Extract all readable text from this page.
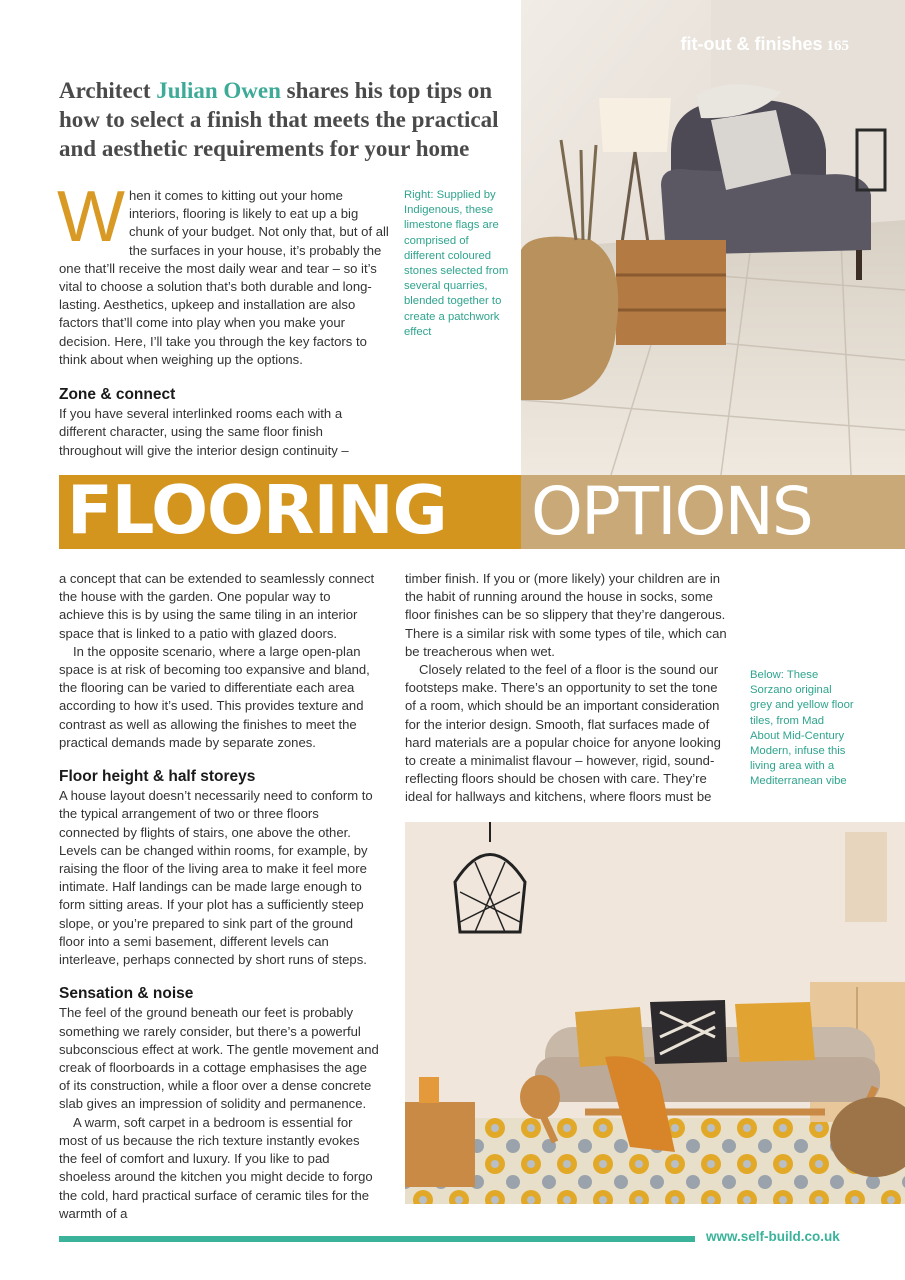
fit-out & finishes 165
Architect Julian Owen shares his top tips on how to select a finish that meets the practical and aesthetic requirements for your home
When it comes to kitting out your home interiors, flooring is likely to eat up a big chunk of your budget. Not only that, but of all the surfaces in your house, it’s probably the one that’ll receive the most daily wear and tear – so it’s vital to choose a solution that’s both durable and long-lasting. Aesthetics, upkeep and installation are also factors that’ll come into play when you make your decision. Here, I’ll take you through the key factors to think about when weighing up the options.
Zone & connect

If you have several interlinked rooms each with a different character, using the same floor finish throughout will give the interior design continuity –

Right: Supplied by Indigenous, these limestone flags are comprised of different coloured stones selected from several quarries, blended together to create a patchwork effect
FLOORING OPTIONS

a concept that can be extended to seamlessly connect the house with the garden. One popular way to achieve this is by using the same tiling in an interior space that is linked to a patio with glazed doors.

In the opposite scenario, where a large open-plan space is at risk of becoming too expansive and bland, the flooring can be varied to differentiate each area according to how it’s used. This provides texture and contrast as well as allowing the finishes to meet the practical demands made by separate zones.

Floor height & half storeys

A house layout doesn’t necessarily need to conform to the typical arrangement of two or three floors connected by flights of stairs, one above the other. Levels can be changed within rooms, for example, by raising the floor of the living area to make it feel more intimate. Half landings can be made large enough to form sitting areas. If your plot has a sufficiently steep slope, or you’re prepared to sink part of the ground floor into a semi basement, different levels can interleave, perhaps connected by short runs of steps.

Sensation & noise

The feel of the ground beneath our feet is probably something we rarely consider, but there’s a powerful subconscious effect at work. The gentle movement and creak of floorboards in a cottage emphasises the age of its construction, while a floor over a dense concrete slab gives an impression of solidity and permanence.

A warm, soft carpet in a bedroom is essential for most of us because the rich texture instantly evokes the feel of comfort and luxury. If you like to pad shoeless around the kitchen you might decide to forgo the cold, hard practical surface of ceramic tiles for the warmth of a

timber finish. If you or (more likely) your children are in the habit of running around the house in socks, some floor finishes can be so slippery that they’re dangerous. There is a similar risk with some types of tile, which can be treacherous when wet.

Closely related to the feel of a floor is the sound our footsteps make. There’s an opportunity to set the tone of a room, which should be an important consideration for the interior design. Smooth, flat surfaces made of hard materials are a popular choice for anyone looking to create a minimalist flavour – however, rigid, sound-reflecting floors should be chosen with care. They’re ideal for hallways and kitchens, where floors must be

Below: These Sorzano original grey and yellow floor tiles, from Mad About Mid-Century Modern, infuse this living area with a Mediterranean vibe
www.self-build.co.uk
